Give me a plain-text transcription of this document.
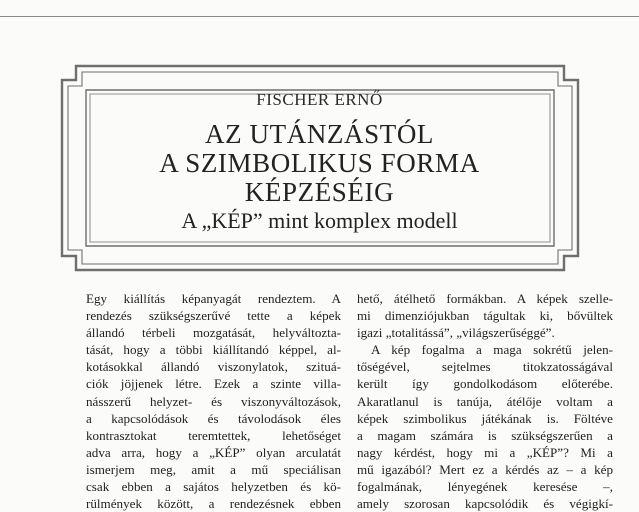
FISCHER ERNŐ
AZ UTÁNZÁSTÓL
A SZIMBOLIKUS FORMA
KÉPZÉSÉIG
A „KÉP” mint komplex modell
Egy kiállítás képanyagát rendeztem. A
rendezés szükségszerűvé tette a képek
állandó térbeli mozgatását, helyváltozta-
tását, hogy a többi kiállítandó képpel, al-
kotásokkal állandó viszonylatok, szituá-
ciók jöjjenek létre. Ezek a szinte villa-
násszerű helyzet- és viszonyváltozások,
a kapcsolódások és távolodások éles
kontrasztokat teremtettek, lehetőséget
adva arra, hogy a „KÉP” olyan arculatát
ismerjem meg, amit a mű speciálisan
csak ebben a sajátos helyzetben és kö-
rülmények között, a rendezésnek ebben
hető, átélhető formákban. A képek szelle-
mi dimenziójukban tágultak ki, bővültek
igazi „totalitássá”, „világszerűséggé”.
A kép fogalma a maga sokrétű jelen-
tőségével, sejtelmes titokzatosságával
került így gondolkodásom előterébe.
Akaratlanul is tanúja, átélője voltam a
képek szimbolikus játékának is. Föltéve
a magam számára is szükségszerűen a
nagy kérdést, hogy mi a „KÉP”? Mi a
mű igazából? Mert ez a kérdés az – a kép
fogalmának, lényegének keresése –,
amely szorosan kapcsolódik és végigkí-
